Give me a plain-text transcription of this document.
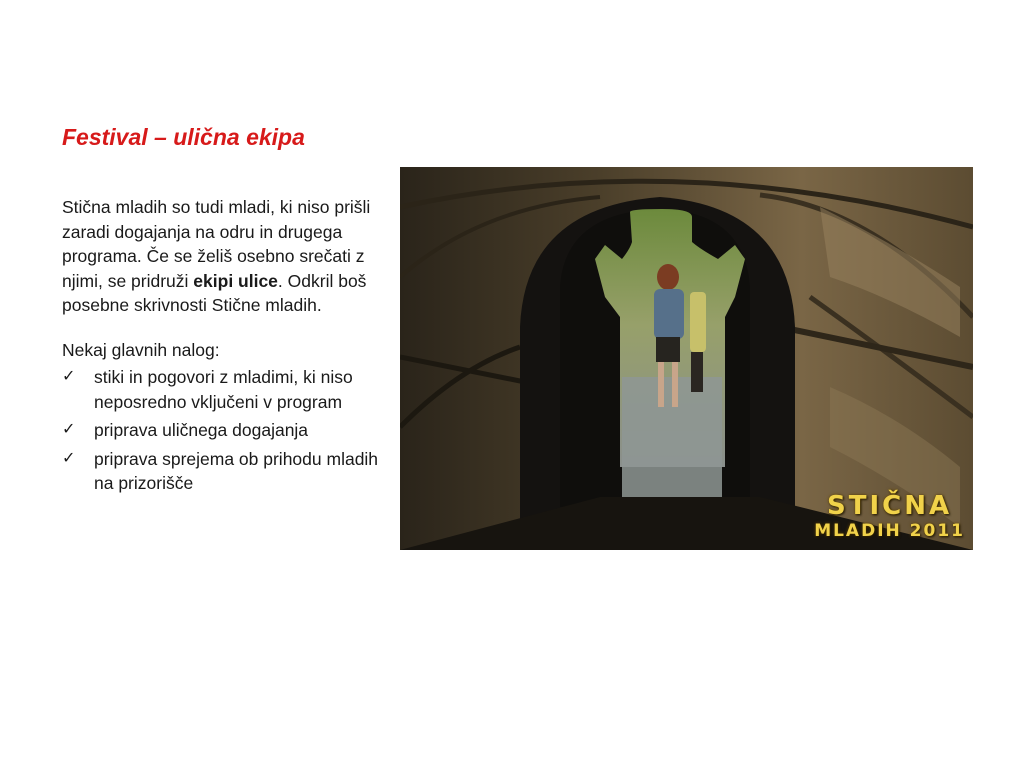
Festival – ulična ekipa
Stična mladih so tudi mladi, ki niso prišli zaradi dogajanja na odru in drugega programa. Če se želiš osebno srečati z njimi, se pridruži ekipi ulice. Odkril boš posebne skrivnosti Stične mladih.
Nekaj glavnih nalog:
✓ stiki in pogovori z mladimi, ki niso neposredno vključeni v program
✓ priprava uličnega dogajanja
✓ priprava sprejema ob prihodu mladih na prizorišče
STIČNA
MLADIH 2011
